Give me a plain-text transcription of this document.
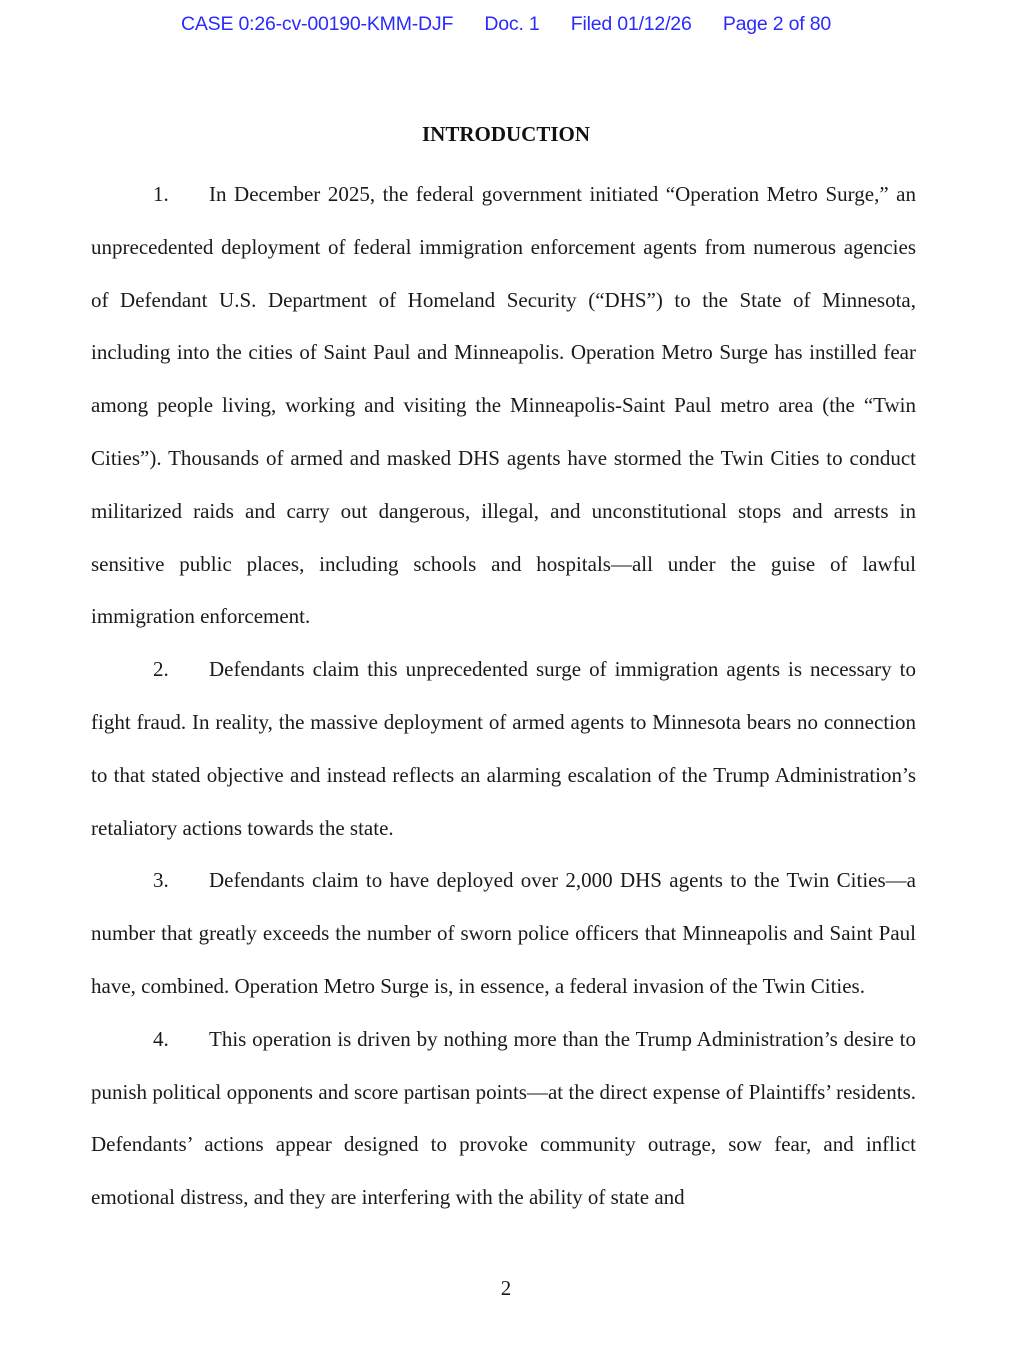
CASE 0:26-cv-00190-KMM-DJF Doc. 1 Filed 01/12/26 Page 2 of 80
INTRODUCTION

1. In December 2025, the federal government initiated “Operation Metro Surge,” an unprecedented deployment of federal immigration enforcement agents from numerous agencies of Defendant U.S. Department of Homeland Security (“DHS”) to the State of Minnesota, including into the cities of Saint Paul and Minneapolis. Operation Metro Surge has instilled fear among people living, working and visiting the Minneapolis-Saint Paul metro area (the “Twin Cities”). Thousands of armed and masked DHS agents have stormed the Twin Cities to conduct militarized raids and carry out dangerous, illegal, and unconstitutional stops and arrests in sensitive public places, including schools and hospitals—all under the guise of lawful immigration enforcement.

2. Defendants claim this unprecedented surge of immigration agents is necessary to fight fraud. In reality, the massive deployment of armed agents to Minnesota bears no connection to that stated objective and instead reflects an alarming escalation of the Trump Administration’s retaliatory actions towards the state.

3. Defendants claim to have deployed over 2,000 DHS agents to the Twin Cities—a number that greatly exceeds the number of sworn police officers that Minneapolis and Saint Paul have, combined. Operation Metro Surge is, in essence, a federal invasion of the Twin Cities.

4. This operation is driven by nothing more than the Trump Administration’s desire to punish political opponents and score partisan points—at the direct expense of Plaintiffs’ residents. Defendants’ actions appear designed to provoke community outrage, sow fear, and inflict emotional distress, and they are interfering with the ability of state and

2
